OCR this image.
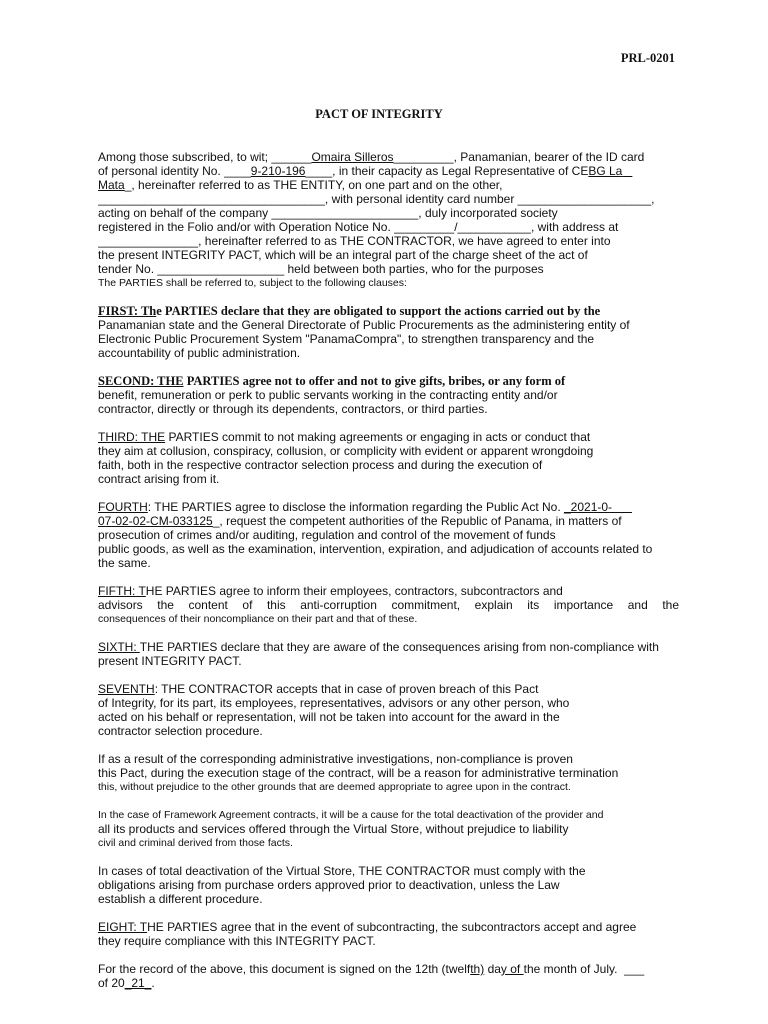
PRL-0201
PACT OF INTEGRITY
Among those subscribed, to wit; ______Omaira Silleros_________, Panamanian, bearer of the ID card
of personal identity No. ____9-210-196____, in their capacity as Legal Representative of CEBG La
Mata_, hereinafter referred to as THE ENTITY, on one part and on the other,
__________________________________, with personal identity card number ____________________,
acting on behalf of the company ______________________, duly incorporated society
registered in the Folio and/or with Operation Notice No. _________/___________, with address at
_______________, hereinafter referred to as THE CONTRACTOR, we have agreed to enter into
the present INTEGRITY PACT, which will be an integral part of the charge sheet of the act of
tender No. ___________________ held between both parties, who for the purposes
The PARTIES shall be referred to, subject to the following clauses:
FIRST: The PARTIES declare that they are obligated to support the actions carried out by the
Panamanian state and the General Directorate of Public Procurements as the administering entity of
Electronic Public Procurement System "PanamaCompra", to strengthen transparency and the
accountability of public administration.
SECOND: THE PARTIES agree not to offer and not to give gifts, bribes, or any form of
benefit, remuneration or perk to public servants working in the contracting entity and/or
contractor, directly or through its dependents, contractors, or third parties.
THIRD: THE PARTIES commit to not making agreements or engaging in acts or conduct that
they aim at collusion, conspiracy, collusion, or complicity with evident or apparent wrongdoing
faith, both in the respective contractor selection process and during the execution of
contract arising from it.
FOURTH: THE PARTIES agree to disclose the information regarding the Public Act No. _2021-0-
07-02-02-CM-033125_, request the competent authorities of the Republic of Panama, in matters of
prosecution of crimes and/or auditing, regulation and control of the movement of funds
public goods, as well as the examination, intervention, expiration, and adjudication of accounts related to
the same.
FIFTH: THE PARTIES agree to inform their employees, contractors, subcontractors and
advisors the content of this anti-corruption commitment, explain its importance and the
consequences of their noncompliance on their part and that of these.
SIXTH: THE PARTIES declare that they are aware of the consequences arising from non-compliance with
present INTEGRITY PACT.
SEVENTH: THE CONTRACTOR accepts that in case of proven breach of this Pact
of Integrity, for its part, its employees, representatives, advisors or any other person, who
acted on his behalf or representation, will not be taken into account for the award in the
contractor selection procedure.
If as a result of the corresponding administrative investigations, non-compliance is proven
this Pact, during the execution stage of the contract, will be a reason for administrative termination
this, without prejudice to the other grounds that are deemed appropriate to agree upon in the contract.
In the case of Framework Agreement contracts, it will be a cause for the total deactivation of the provider and
all its products and services offered through the Virtual Store, without prejudice to liability
civil and criminal derived from those facts.
In cases of total deactivation of the Virtual Store, THE CONTRACTOR must comply with the
obligations arising from purchase orders approved prior to deactivation, unless the Law
establish a different procedure.
EIGHT: THE PARTIES agree that in the event of subcontracting, the subcontractors accept and agree
they require compliance with this INTEGRITY PACT.
For the record of the above, this document is signed on the 12th (twelfth) day of the month of July.  ___
of 20_21_.
